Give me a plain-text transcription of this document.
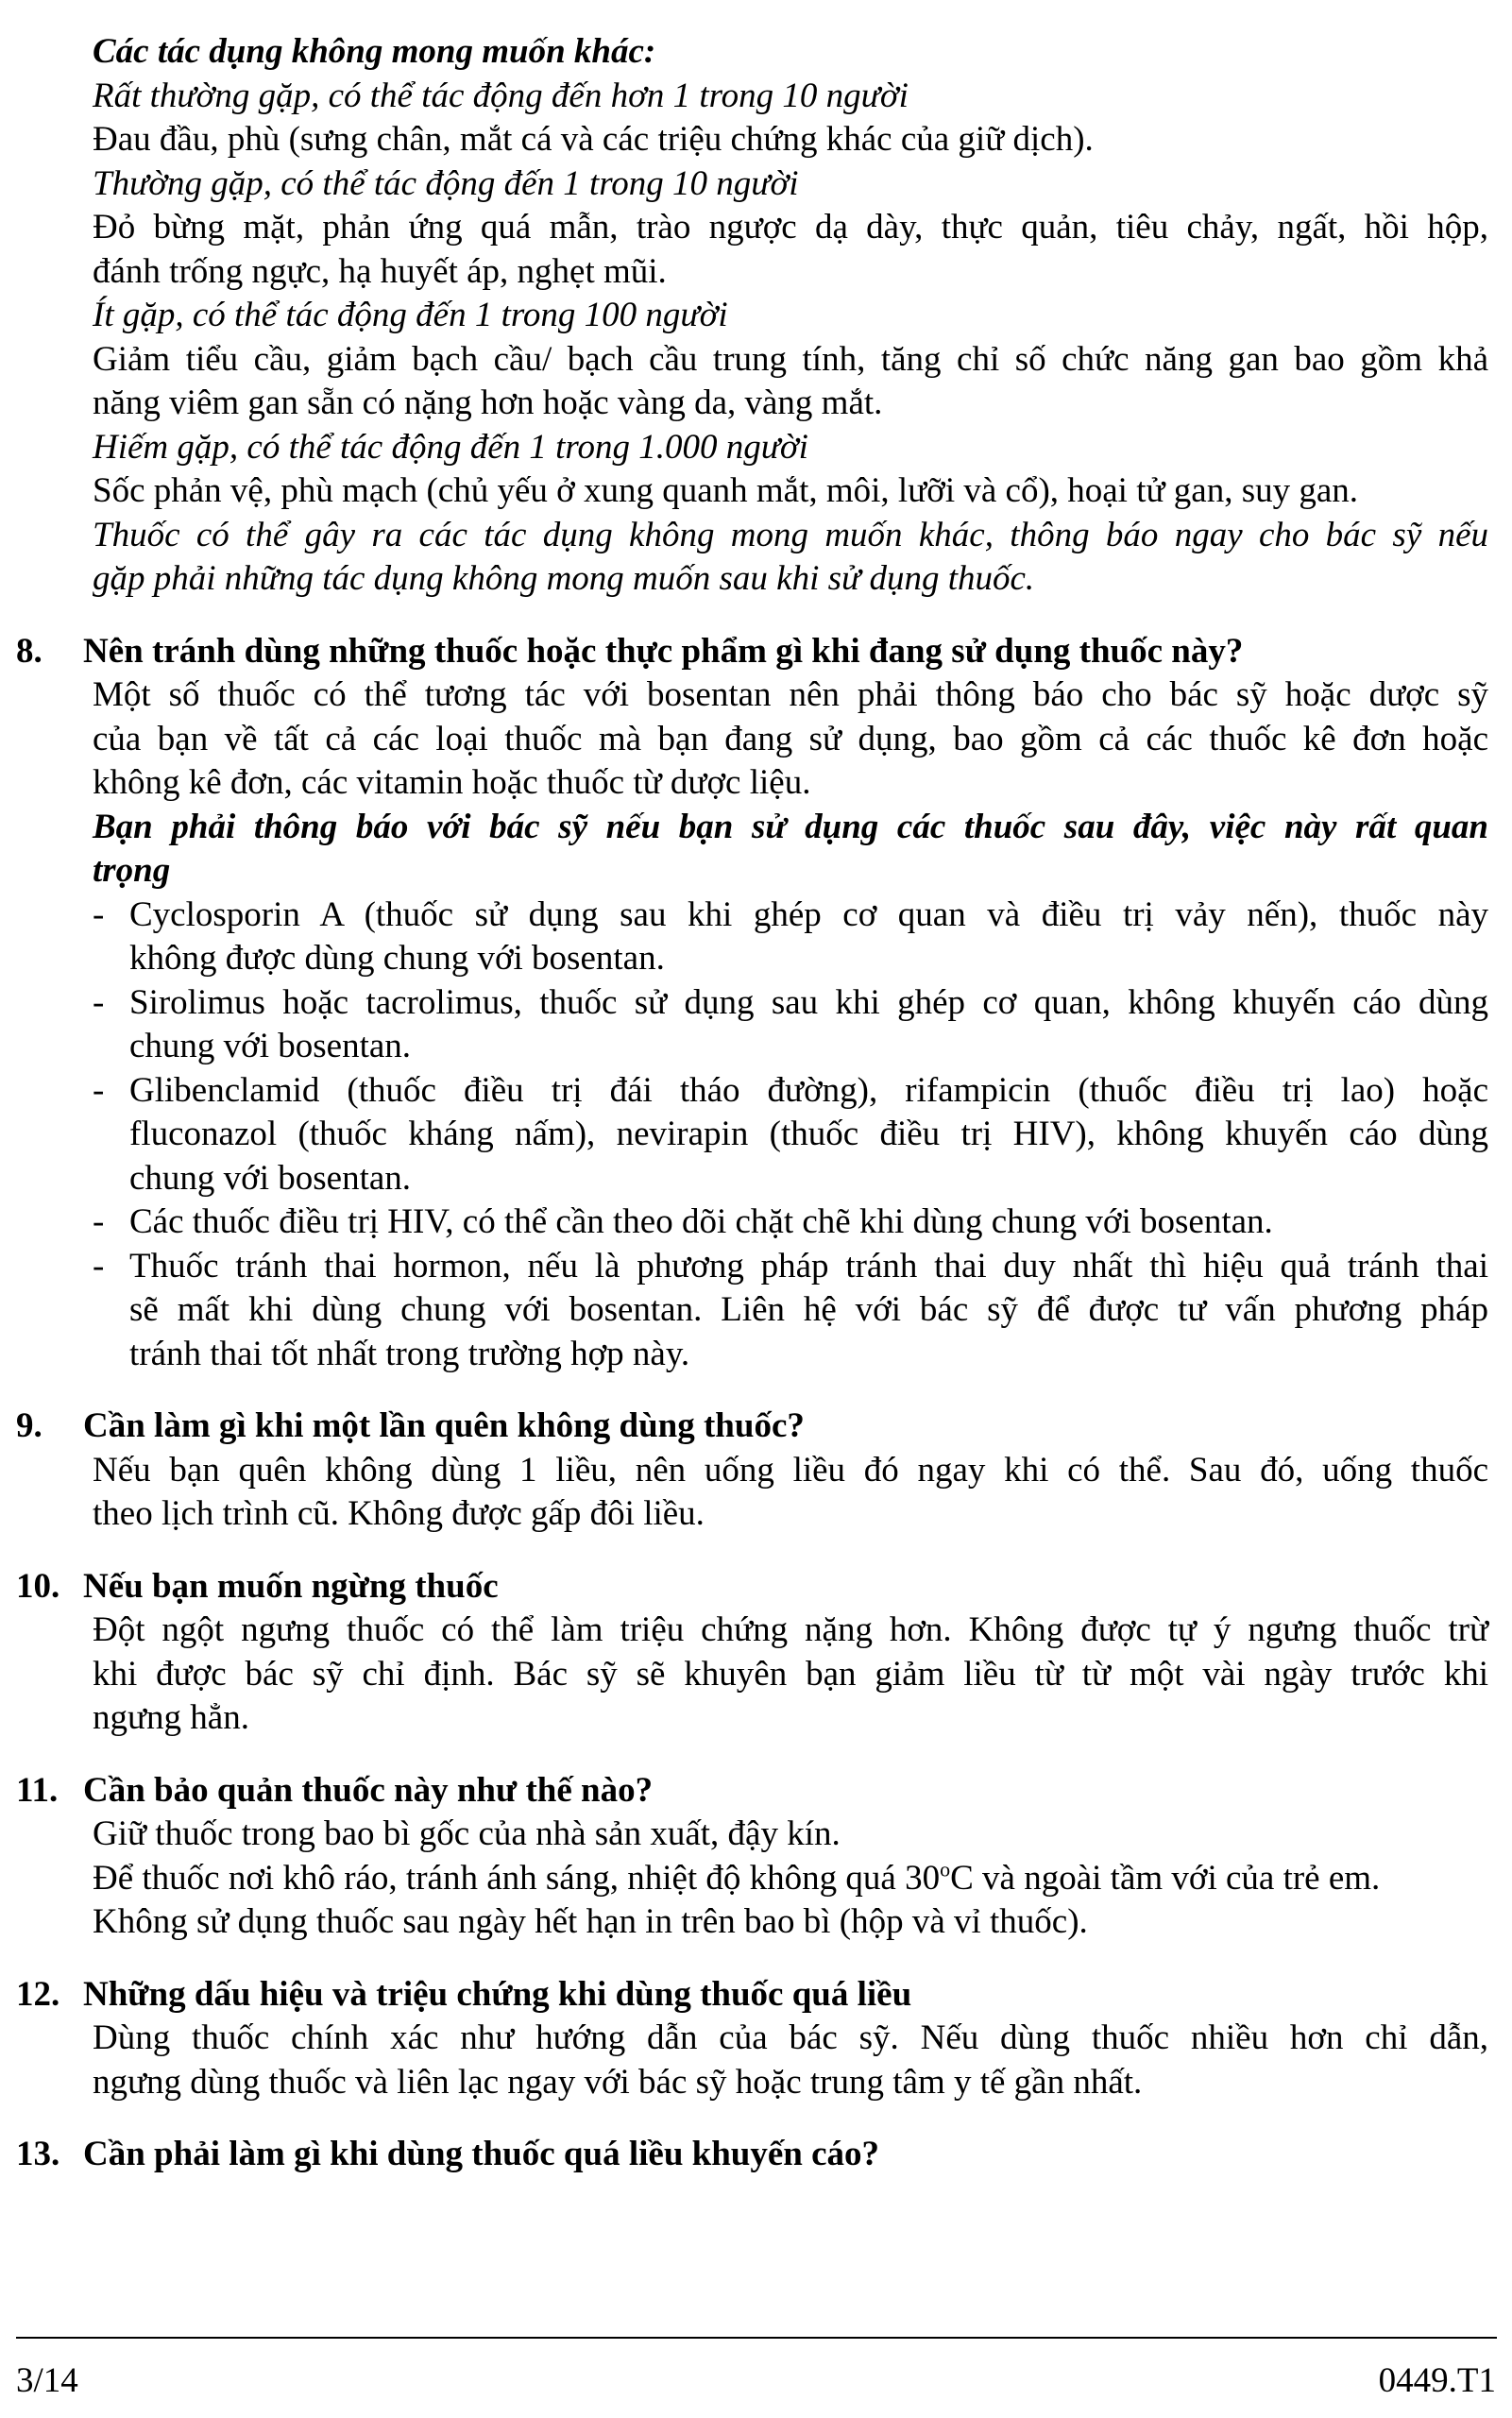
Các tác dụng không mong muốn khác:
Rất thường gặp, có thể tác động đến hơn 1 trong 10 người
Đau đầu, phù (sưng chân, mắt cá và các triệu chứng khác của giữ dịch).
Thường gặp, có thể tác động đến 1 trong 10 người
Đỏ bừng mặt, phản ứng quá mẫn, trào ngược dạ dày, thực quản, tiêu chảy, ngất, hồi hộp,
đánh trống ngực, hạ huyết áp, nghẹt mũi.
Ít gặp, có thể tác động đến 1 trong 100 người
Giảm tiểu cầu, giảm bạch cầu/ bạch cầu trung tính, tăng chỉ số chức năng gan bao gồm khả
năng viêm gan sẵn có nặng hơn hoặc vàng da, vàng mắt.
Hiếm gặp, có thể tác động đến 1 trong 1.000 người
Sốc phản vệ, phù mạch (chủ yếu ở xung quanh mắt, môi, lưỡi và cổ), hoại tử gan, suy gan.
Thuốc có thể gây ra các tác dụng không mong muốn khác, thông báo ngay cho bác sỹ nếu
gặp phải những tác dụng không mong muốn sau khi sử dụng thuốc.
8. Nên tránh dùng những thuốc hoặc thực phẩm gì khi đang sử dụng thuốc này?
Một số thuốc có thể tương tác với bosentan nên phải thông báo cho bác sỹ hoặc dược sỹ
của bạn về tất cả các loại thuốc mà bạn đang sử dụng, bao gồm cả các thuốc kê đơn hoặc
không kê đơn, các vitamin hoặc thuốc từ dược liệu.
Bạn phải thông báo với bác sỹ nếu bạn sử dụng các thuốc sau đây, việc này rất quan
trọng
- Cyclosporin A (thuốc sử dụng sau khi ghép cơ quan và điều trị vảy nến), thuốc này
không được dùng chung với bosentan.
- Sirolimus hoặc tacrolimus, thuốc sử dụng sau khi ghép cơ quan, không khuyến cáo dùng
chung với bosentan.
- Glibenclamid (thuốc điều trị đái tháo đường), rifampicin (thuốc điều trị lao) hoặc
fluconazol (thuốc kháng nấm), nevirapin (thuốc điều trị HIV), không khuyến cáo dùng
chung với bosentan.
- Các thuốc điều trị HIV, có thể cần theo dõi chặt chẽ khi dùng chung với bosentan.
- Thuốc tránh thai hormon, nếu là phương pháp tránh thai duy nhất thì hiệu quả tránh thai
sẽ mất khi dùng chung với bosentan. Liên hệ với bác sỹ để được tư vấn phương pháp
tránh thai tốt nhất trong trường hợp này.
9. Cần làm gì khi một lần quên không dùng thuốc?
Nếu bạn quên không dùng 1 liều, nên uống liều đó ngay khi có thể. Sau đó, uống thuốc
theo lịch trình cũ. Không được gấp đôi liều.
10. Nếu bạn muốn ngừng thuốc
Đột ngột ngưng thuốc có thể làm triệu chứng nặng hơn. Không được tự ý ngưng thuốc trừ
khi được bác sỹ chỉ định. Bác sỹ sẽ khuyên bạn giảm liều từ từ một vài ngày trước khi
ngưng hẳn.
11. Cần bảo quản thuốc này như thế nào?
Giữ thuốc trong bao bì gốc của nhà sản xuất, đậy kín.
Để thuốc nơi khô ráo, tránh ánh sáng, nhiệt độ không quá 30$^o$C và ngoài tầm với của trẻ em.
Không sử dụng thuốc sau ngày hết hạn in trên bao bì (hộp và vỉ thuốc).
12. Những dấu hiệu và triệu chứng khi dùng thuốc quá liều
Dùng thuốc chính xác như hướng dẫn của bác sỹ. Nếu dùng thuốc nhiều hơn chỉ dẫn,
ngưng dùng thuốc và liên lạc ngay với bác sỹ hoặc trung tâm y tế gần nhất.
13. Cần phải làm gì khi dùng thuốc quá liều khuyến cáo?
3/14	0449.T1
